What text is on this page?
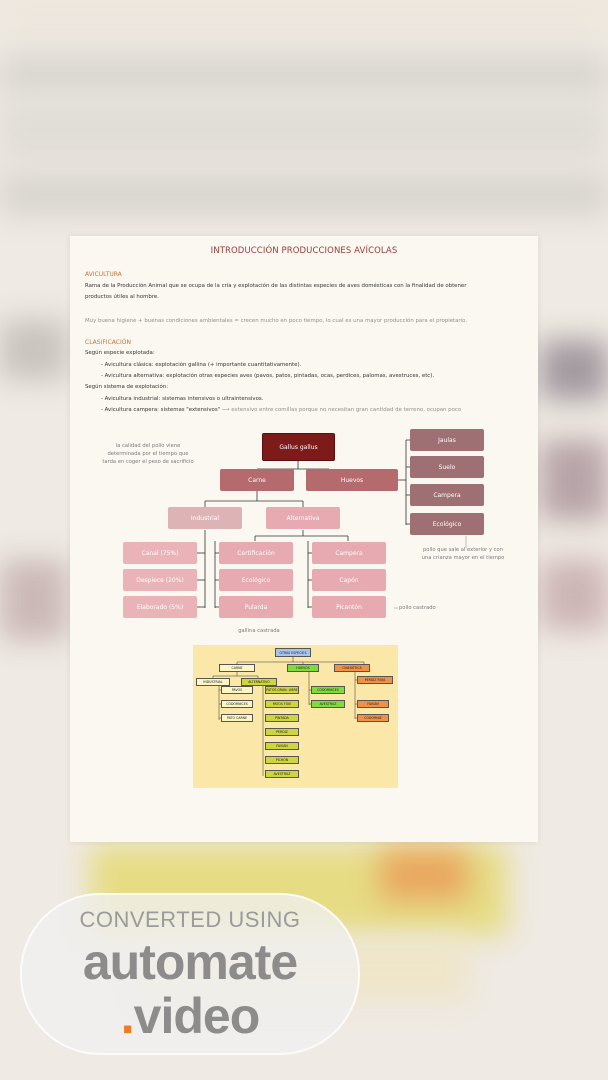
INTRODUCCIÓN PRODUCCIONES AVÍCOLAS
AVICULTURA
Rama de la Producción Animal que se ocupa de la cría y explotación de las distintas especies de aves domésticas con la finalidad de obtener
productos útiles al hombre.
Muy buena higiene + buenas condiciones ambientales = crecen mucho en poco tiempo, lo cual es una mayor producción para el propietario.
CLASIFICACIÓN
Según especie explotada:
- Avicultura clásica: explotación gallina (+ importante cuantitativamente).
- Avicultura alternativa: explotación otras especies aves (pavos, patos, pintadas, ocas, perdices, palomas, avestruces, etc).
Según sistema de explotación:
- Avicultura industrial: sistemas intensivos o ultraintensivos.
- Avicultura campera: sistemas "extensivos" ⟶ extensivo entre comillas porque no necesitan gran cantidad de terreno, ocupan poco
Gallus gallus
Carne	Huevos
Industrial	Alternativa
Canal (75%)
Despiece (20%)
Elaborado (5%)
Certificación
Ecológico
Pularda
Campera
Capón
Picantón
Jaulas
Suelo
Campera
Ecológico
la calidad del pollo viene determinada por el tiempo que tarda en coger el peso de sacrificio
pollo que sale al exterior y con una crianza mayor en el tiempo
gallina castrada
pollo castrado
OTRAS ESPECIES
CARNE	HUEVOS	CINEGÉTICA
INDUSTRIAL	ALTERNATIVO
PAVOS
CODORNICES
PATO CARNE
PATOS GRAN. LIBRE
PATOS FOIE
PINTADA
PERDIZ
FAISÁN
PICHÓN
AVESTRUZ
CODORNICES
AVESTRUZ
PERDIZ ROJA
FAISÁN
CODORNIZ
CONVERTED USING
automate
.video
